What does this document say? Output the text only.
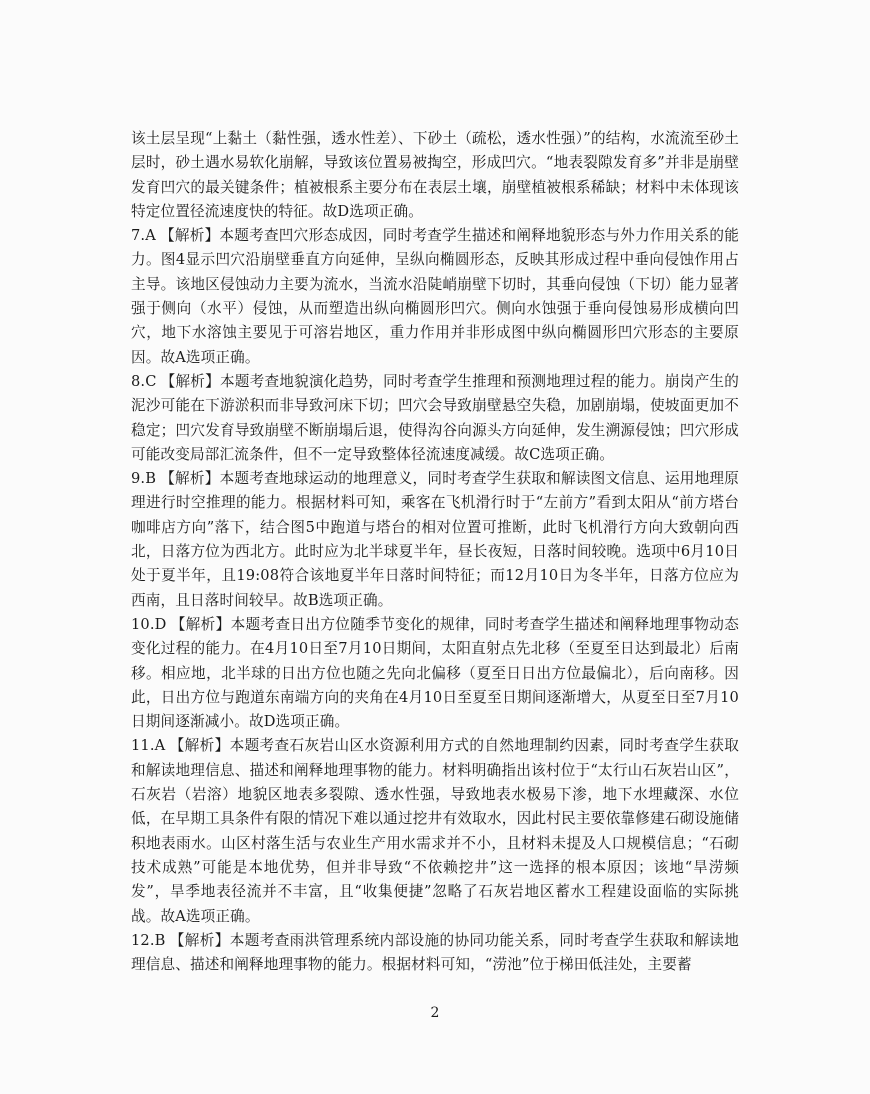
该土层呈现“上黏土（黏性强，透水性差）、下砂土（疏松，透水性强）”的结构，水流流至砂土层时，砂土遇水易软化崩解，导致该位置易被掏空，形成凹穴。“地表裂隙发育多”并非是崩壁发育凹穴的最关键条件；植被根系主要分布在表层土壤，崩壁植被根系稀缺；材料中未体现该特定位置径流速度快的特征。故D选项正确。

7.A 【解析】本题考查凹穴形态成因，同时考查学生描述和阐释地貌形态与外力作用关系的能力。图4显示凹穴沿崩壁垂直方向延伸，呈纵向椭圆形态，反映其形成过程中垂向侵蚀作用占主导。该地区侵蚀动力主要为流水，当流水沿陡峭崩壁下切时，其垂向侵蚀（下切）能力显著强于侧向（水平）侵蚀，从而塑造出纵向椭圆形凹穴。侧向水蚀强于垂向侵蚀易形成横向凹穴，地下水溶蚀主要见于可溶岩地区，重力作用并非形成图中纵向椭圆形凹穴形态的主要原因。故A选项正确。

8.C 【解析】本题考查地貌演化趋势，同时考查学生推理和预测地理过程的能力。崩岗产生的泥沙可能在下游淤积而非导致河床下切；凹穴会导致崩壁悬空失稳，加剧崩塌，使坡面更加不稳定；凹穴发育导致崩壁不断崩塌后退，使得沟谷向源头方向延伸，发生溯源侵蚀；凹穴形成可能改变局部汇流条件，但不一定导致整体径流速度减缓。故C选项正确。

9.B 【解析】本题考查地球运动的地理意义，同时考查学生获取和解读图文信息、运用地理原理进行时空推理的能力。根据材料可知，乘客在飞机滑行时于“左前方”看到太阳从“前方塔台咖啡店方向”落下，结合图5中跑道与塔台的相对位置可推断，此时飞机滑行方向大致朝向西北，日落方位为西北方。此时应为北半球夏半年，昼长夜短，日落时间较晚。选项中6月10日处于夏半年，且19:08符合该地夏半年日落时间特征；而12月10日为冬半年，日落方位应为西南，且日落时间较早。故B选项正确。

10.D 【解析】本题考查日出方位随季节变化的规律，同时考查学生描述和阐释地理事物动态变化过程的能力。在4月10日至7月10日期间，太阳直射点先北移（至夏至日达到最北）后南移。相应地，北半球的日出方位也随之先向北偏移（夏至日日出方位最偏北），后向南移。因此，日出方位与跑道东南端方向的夹角在4月10日至夏至日期间逐渐增大，从夏至日至7月10日期间逐渐减小。故D选项正确。

11.A 【解析】本题考查石灰岩山区水资源利用方式的自然地理制约因素，同时考查学生获取和解读地理信息、描述和阐释地理事物的能力。材料明确指出该村位于“太行山石灰岩山区”，石灰岩（岩溶）地貌区地表多裂隙、透水性强，导致地表水极易下渗，地下水埋藏深、水位低，在早期工具条件有限的情况下难以通过挖井有效取水，因此村民主要依靠修建石砌设施储积地表雨水。山区村落生活与农业生产用水需求并不小，且材料未提及人口规模信息；“石砌技术成熟”可能是本地优势，但并非导致“不依赖挖井”这一选择的根本原因；该地“旱涝频发”，旱季地表径流并不丰富，且“收集便捷”忽略了石灰岩地区蓄水工程建设面临的实际挑战。故A选项正确。

12.B 【解析】本题考查雨洪管理系统内部设施的协同功能关系，同时考查学生获取和解读地理信息、描述和阐释地理事物的能力。根据材料可知，“涝池”位于梯田低洼处，主要蓄

2
